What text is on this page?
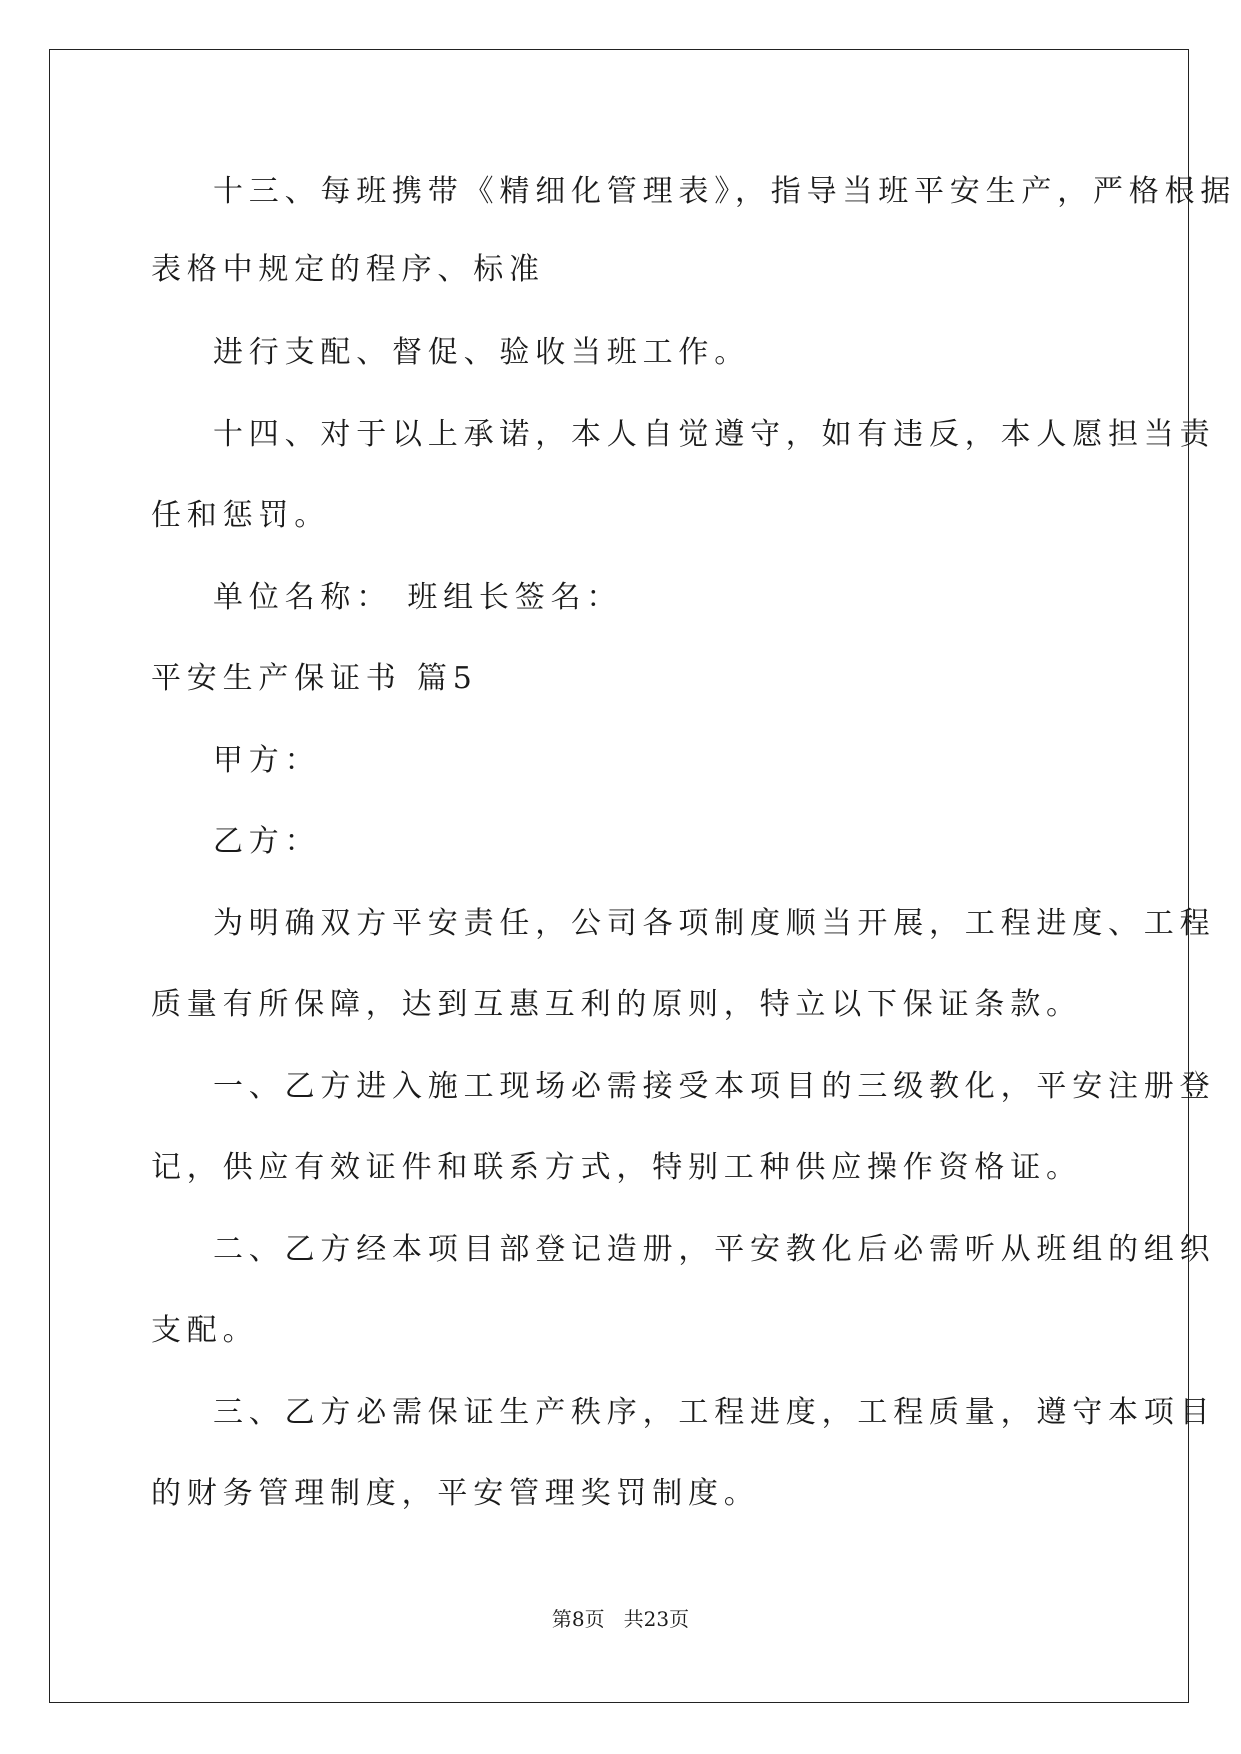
十三、每班携带《精细化管理表》，指导当班平安生产，严格根据
表格中规定的程序、标准
进行支配、督促、验收当班工作。
十四、对于以上承诺，本人自觉遵守，如有违反，本人愿担当责
任和惩罚。
单位名称： 班组长签名：
平安生产保证书 篇5
甲方：
乙方：
为明确双方平安责任，公司各项制度顺当开展，工程进度、工程
质量有所保障，达到互惠互利的原则，特立以下保证条款。
一、乙方进入施工现场必需接受本项目的三级教化，平安注册登
记，供应有效证件和联系方式，特别工种供应操作资格证。
二、乙方经本项目部登记造册，平安教化后必需听从班组的组织
支配。
三、乙方必需保证生产秩序，工程进度，工程质量，遵守本项目
的财务管理制度，平安管理奖罚制度。
第8页 共23页
